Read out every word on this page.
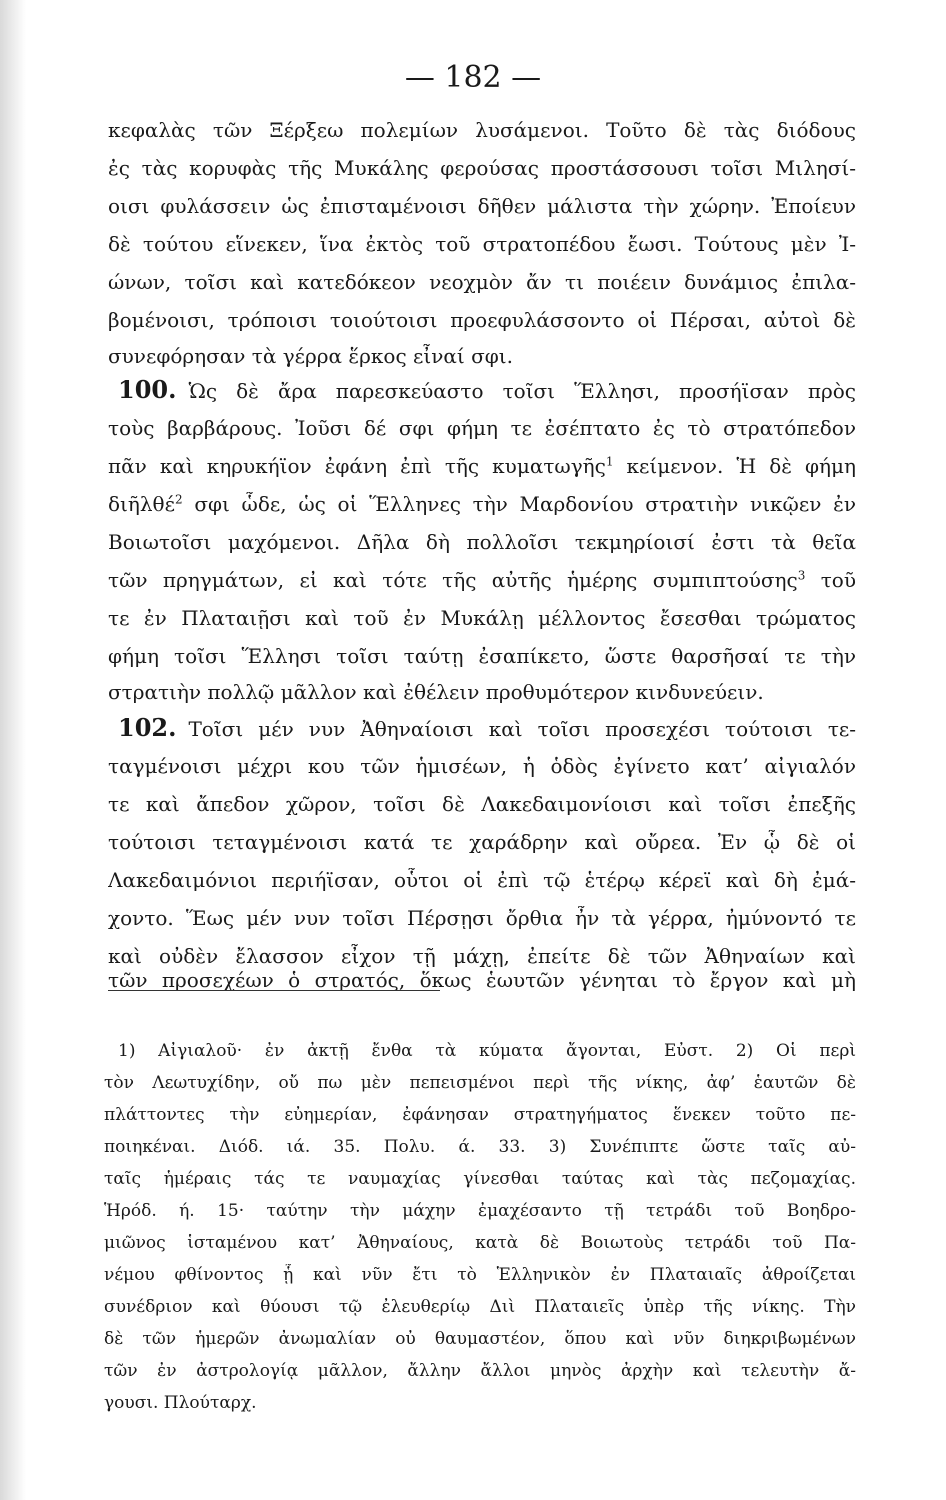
— 182 —
κεφαλὰς τῶν Ξέρξεω πολεμίων λυσάμενοι. Τοῦτο δὲ τὰς διόδους
ἐς τὰς κορυφὰς τῆς Μυκάλης φερούσας προστάσσουσι τοῖσι Μιλησί-
οισι φυλάσσειν ὡς ἐπισταμένοισι δῆθεν μάλιστα τὴν χώρην. Ἐποίευν
δὲ τούτου εἵνεκεν, ἵνα ἐκτὸς τοῦ στρατοπέδου ἔωσι. Τούτους μὲν Ἰ-
ώνων, τοῖσι καὶ κατεδόκεον νεοχμὸν ἄν τι ποιέειν δυνάμιος ἐπιλα-
βομένοισι, τρόποισι τοιούτοισι προεφυλάσσοντο οἱ Πέρσαι, αὐτοὶ δὲ
συνεφόρησαν τὰ γέρρα ἕρκος εἶναί σφι.
100. Ὡς δὲ ἄρα παρεσκεύαστο τοῖσι Ἕλλησι, προσήϊσαν πρὸς
τοὺς βαρβάρους. Ἰοῦσι δέ σφι φήμη τε ἐσέπτατο ἐς τὸ στρατόπεδον
πᾶν καὶ κηρυκήϊον ἐφάνη ἐπὶ τῆς κυματωγῆς$^1$ κείμενον. Ἡ δὲ φήμη
διῆλθέ$^2$ σφι ὧδε, ὡς οἱ Ἕλληνες τὴν Μαρδονίου στρατιὴν νικῷεν ἐν
Βοιωτοῖσι μαχόμενοι. Δῆλα δὴ πολλοῖσι τεκμηρίοισί ἐστι τὰ θεῖα
τῶν πρηγμάτων, εἰ καὶ τότε τῆς αὐτῆς ἡμέρης συμπιπτούσης$^3$ τοῦ
τε ἐν Πλαταιῇσι καὶ τοῦ ἐν Μυκάλῃ μέλλοντος ἔσεσθαι τρώματος
φήμη τοῖσι Ἕλλησι τοῖσι ταύτῃ ἐσαπίκετο, ὥστε θαρσῆσαί τε τὴν
στρατιὴν πολλῷ μᾶλλον καὶ ἐθέλειν προθυμότερον κινδυνεύειν.
102. Τοῖσι μέν νυν Ἀθηναίοισι καὶ τοῖσι προσεχέσι τούτοισι τε-
ταγμένοισι μέχρι κου τῶν ἡμισέων, ἡ ὁδὸς ἐγίνετο κατ’ αἰγιαλόν
τε καὶ ἄπεδον χῶρον, τοῖσι δὲ Λακεδαιμονίοισι καὶ τοῖσι ἐπεξῆς
τούτοισι τεταγμένοισι κατά τε χαράδρην καὶ οὔρεα. Ἐν ᾧ δὲ οἱ
Λακεδαιμόνιοι περιήϊσαν, οὗτοι οἱ ἐπὶ τῷ ἑτέρῳ κέρεϊ καὶ δὴ ἐμά-
χοντο. Ἕως μέν νυν τοῖσι Πέρσῃσι ὄρθια ἦν τὰ γέρρα, ἠμύνοντό τε
καὶ οὐδὲν ἔλασσον εἶχον τῇ μάχῃ, ἐπείτε δὲ τῶν Ἀθηναίων καὶ
τῶν προσεχέων ὁ στρατός, ὅκως ἑωυτῶν γένηται τὸ ἔργον καὶ μὴ
1) Αἰγιαλοῦ· ἐν ἀκτῇ ἔνθα τὰ κύματα ἄγονται, Εὐστ. 2) Οἱ περὶ
τὸν Λεωτυχίδην, οὔ πω μὲν πεπεισμένοι περὶ τῆς νίκης, ἀφ’ ἑαυτῶν δὲ
πλάττοντες τὴν εὐημερίαν, ἐφάνησαν στρατηγήματος ἕνεκεν τοῦτο πε-
ποιηκέναι. Διόδ. ιά. 35. Πολυ. ά. 33. 3) Συνέπιπτε ὥστε ταῖς αὐ-
ταῖς ἡμέραις τάς τε ναυμαχίας γίνεσθαι ταύτας καὶ τὰς πεζομαχίας.
Ἡρόδ. ή. 15· ταύτην τὴν μάχην ἐμαχέσαντο τῇ τετράδι τοῦ Βοηδρο-
μιῶνος ἱσταμένου κατ’ Ἀθηναίους, κατὰ δὲ Βοιωτοὺς τετράδι τοῦ Πα-
νέμου φθίνοντος ᾗ καὶ νῦν ἔτι τὸ Ἑλληνικὸν ἐν Πλαταιαῖς ἀθροίζεται
συνέδριον καὶ θύουσι τῷ ἐλευθερίῳ Διὶ Πλαταιεῖς ὑπὲρ τῆς νίκης. Τὴν
δὲ τῶν ἡμερῶν ἀνωμαλίαν οὐ θαυμαστέον, ὅπου καὶ νῦν διηκριβωμένων
τῶν ἐν ἀστρολογίᾳ μᾶλλον, ἄλλην ἄλλοι μηνὸς ἀρχὴν καὶ τελευτὴν ἄ-
γουσι. Πλούταρχ.
